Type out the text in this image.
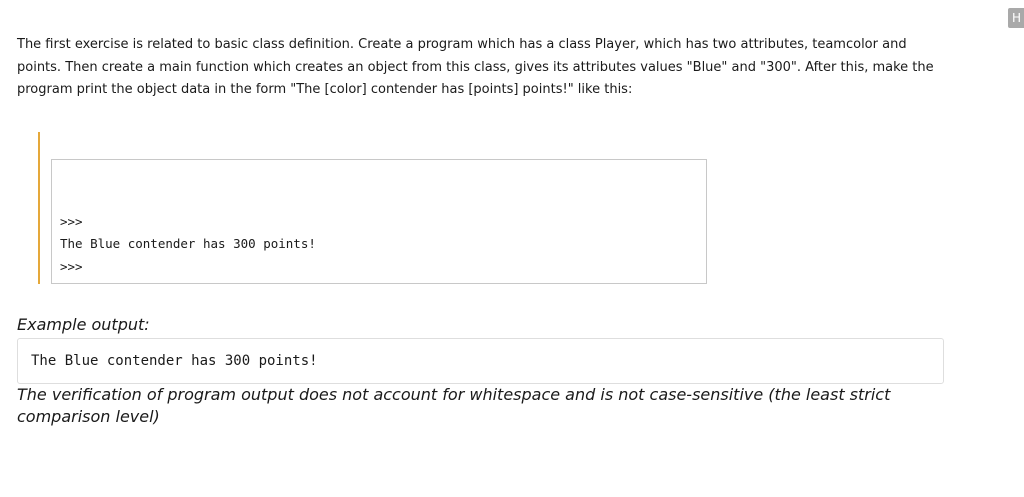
H

The first exercise is related to basic class definition. Create a program which has a class Player, which has two attributes, teamcolor and points. Then create a main function which creates an object from this class, gives its attributes values "Blue" and "300". After this, make the program print the object data in the form "The [color] contender has [points] points!" like this:

>>>
The Blue contender has 300 points!
>>>
Example output:
The Blue contender has 300 points!

The verification of program output does not account for whitespace and is not case-sensitive (the least strict comparison level)
